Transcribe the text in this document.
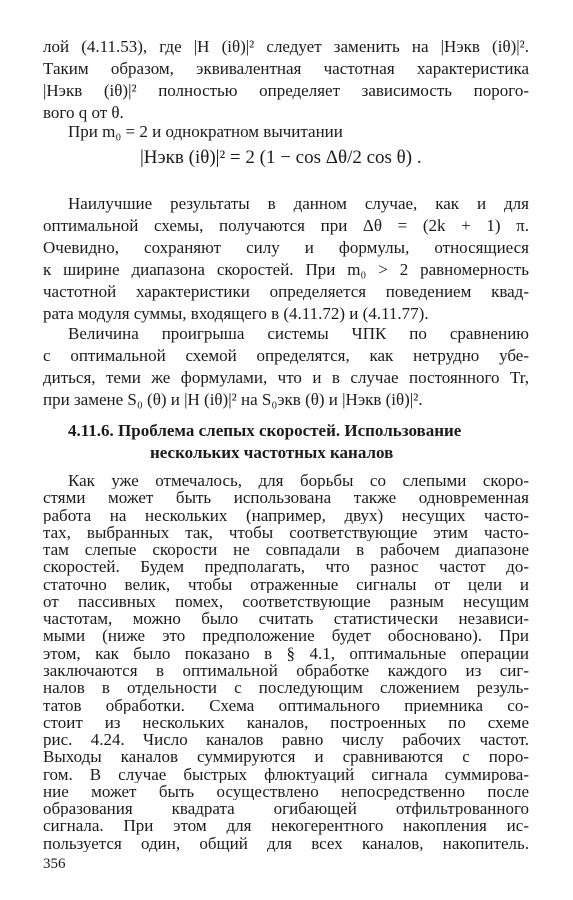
лой (4.11.53), где |H (iθ)|² следует заменить на |Hэкв (iθ)|².
Таким образом, эквивалентная частотная характеристика
|Hэкв (iθ)|² полностью определяет зависимость порого-
вого q от θ.
При m₀ = 2 и однократном вычитании
|Hэкв (iθ)|² = 2 (1 − cos Δθ/2 cos θ) .
Наилучшие результаты в данном случае, как и для
оптимальной схемы, получаются при Δθ = (2k + 1) π.
Очевидно, сохраняют силу и формулы, относящиеся
к ширине диапазона скоростей. При m₀ > 2 равномерность
частотной характеристики определяется поведением квад-
рата модуля суммы, входящего в (4.11.72) и (4.11.77).
Величина проигрыша системы ЧПК по сравнению
с оптимальной схемой определятся, как нетрудно убе-
диться, теми же формулами, что и в случае постоянного Tr,
при замене S₀ (θ) и |H (iθ)|² на S₀экв (θ) и |Hэкв (iθ)|².
4.11.6. Проблема слепых скоростей. Использование
нескольких частотных каналов
Как уже отмечалось, для борьбы со слепыми скоро-
стями может быть использована также одновременная
работа на нескольких (например, двух) несущих часто-
тах, выбранных так, чтобы соответствующие этим часто-
там слепые скорости не совпадали в рабочем диапазоне
скоростей. Будем предполагать, что разнос частот до-
статочно велик, чтобы отраженные сигналы от цели и
от пассивных помех, соответствующие разным несущим
частотам, можно было считать статистически независи-
мыми (ниже это предположение будет обосновано). При
этом, как было показано в § 4.1, оптимальные операции
заключаются в оптимальной обработке каждого из сиг-
налов в отдельности с последующим сложением резуль-
татов обработки. Схема оптимального приемника со-
стоит из нескольких каналов, построенных по схеме
рис. 4.24. Число каналов равно числу рабочих частот.
Выходы каналов суммируются и сравниваются с поро-
356
гом. В случае быстрых флюктуаций сигнала суммирова-
ние может быть осуществлено непосредственно после
образования квадрата огибающей отфильтрованного
сигнала. При этом для некогерентного накопления ис-
пользуется один, общий для всех каналов, накопитель.
